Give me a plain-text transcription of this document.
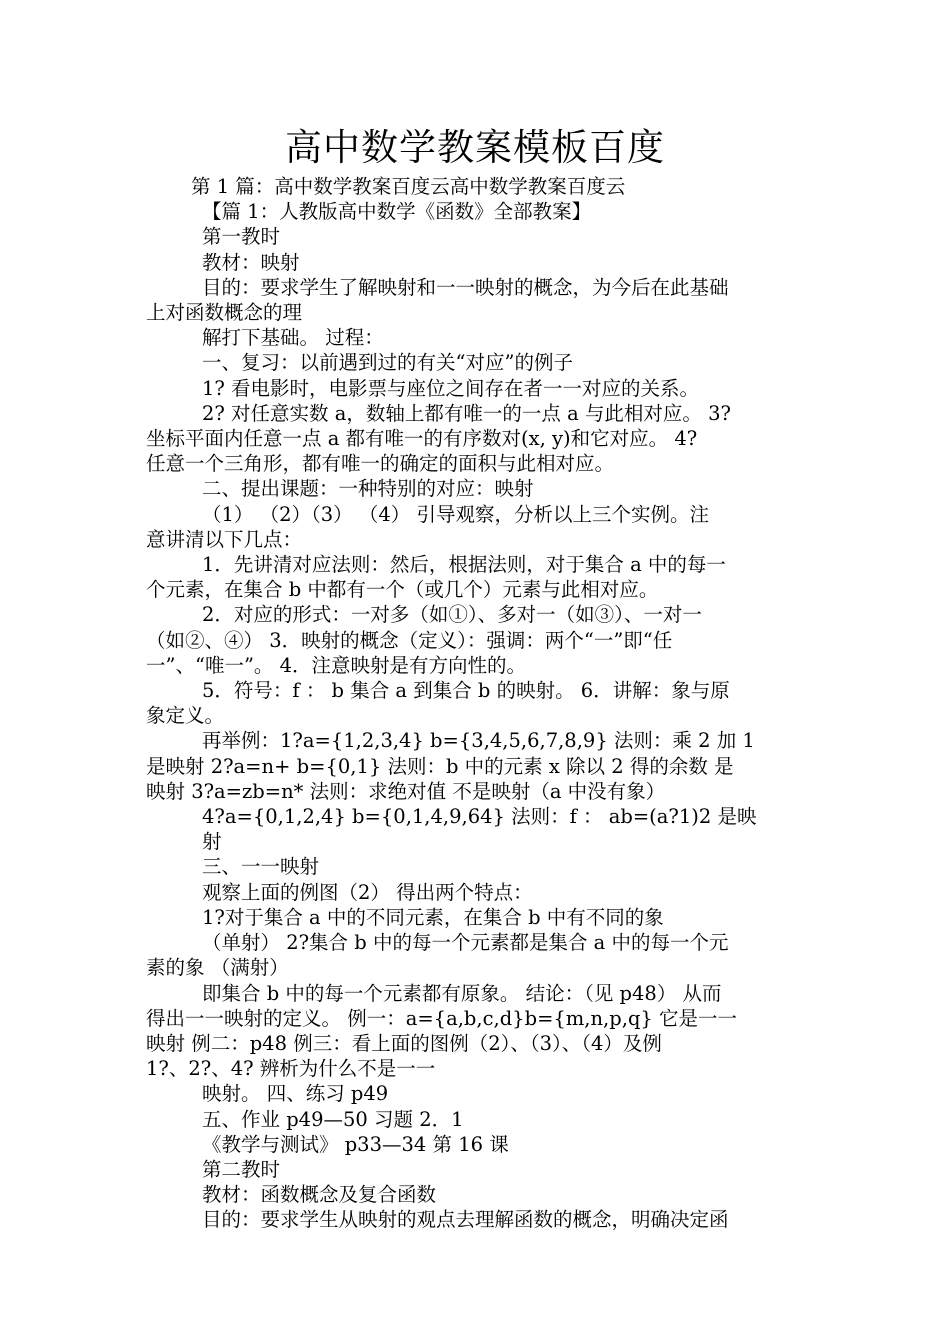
高中数学教案模板百度

第 1 篇：高中数学教案百度云高中数学教案百度云

【篇 1：人教版高中数学《函数》全部教案】

第一教时

教材：映射

目的：要求学生了解映射和一一映射的概念，为今后在此基础

上对函数概念的理

解打下基础。 过程：

一、复习：以前遇到过的有关“对应”的例子

1? 看电影时，电影票与座位之间存在者一一对应的关系。

2? 对任意实数 a，数轴上都有唯一的一点 a 与此相对应。 3?

坐标平面内任意一点 a 都有唯一的有序数对(x, y)和它对应。 4?

任意一个三角形，都有唯一的确定的面积与此相对应。

二、提出课题：一种特别的对应：映射

（1） （2）（3） （4） 引导观察，分析以上三个实例。注

意讲清以下几点：

1．先讲清对应法则：然后，根据法则，对于集合 a 中的每一

个元素，在集合 b 中都有一个（或几个）元素与此相对应。

2．对应的形式：一对多（如①）、多对一（如③）、一对一

（如②、④） 3．映射的概念（定义）：强调：两个“一”即“任

一”、“唯一”。 4．注意映射是有方向性的。

5．符号：f ： b 集合 a 到集合 b 的映射。 6．讲解：象与原

象定义。

再举例：1?a={1,2,3,4} b={3,4,5,6,7,8,9} 法则：乘 2 加 1

是映射 2?a=n+ b={0,1} 法则：b 中的元素 x 除以 2 得的余数 是

映射 3?a=zb=n* 法则：求绝对值 不是映射（a 中没有象）

4?a={0,1,2,4} b={0,1,4,9,64} 法则：f ： ab=(a?1)2 是映

射

三、一一映射

观察上面的例图（2） 得出两个特点：

1?对于集合 a 中的不同元素，在集合 b 中有不同的象

（单射） 2?集合 b 中的每一个元素都是集合 a 中的每一个元

素的象 （满射）

即集合 b 中的每一个元素都有原象。 结论：（见 p48） 从而

得出一一映射的定义。 例一：a={a,b,c,d}b={m,n,p,q} 它是一一

映射 例二：p48 例三：看上面的图例（2）、（3）、（4）及例

1?、2?、4? 辨析为什么不是一一

映射。 四、练习 p49

五、作业 p49—50 习题 2．1

《教学与测试》 p33—34 第 16 课

第二教时

教材：函数概念及复合函数

目的：要求学生从映射的观点去理解函数的概念，明确决定函
